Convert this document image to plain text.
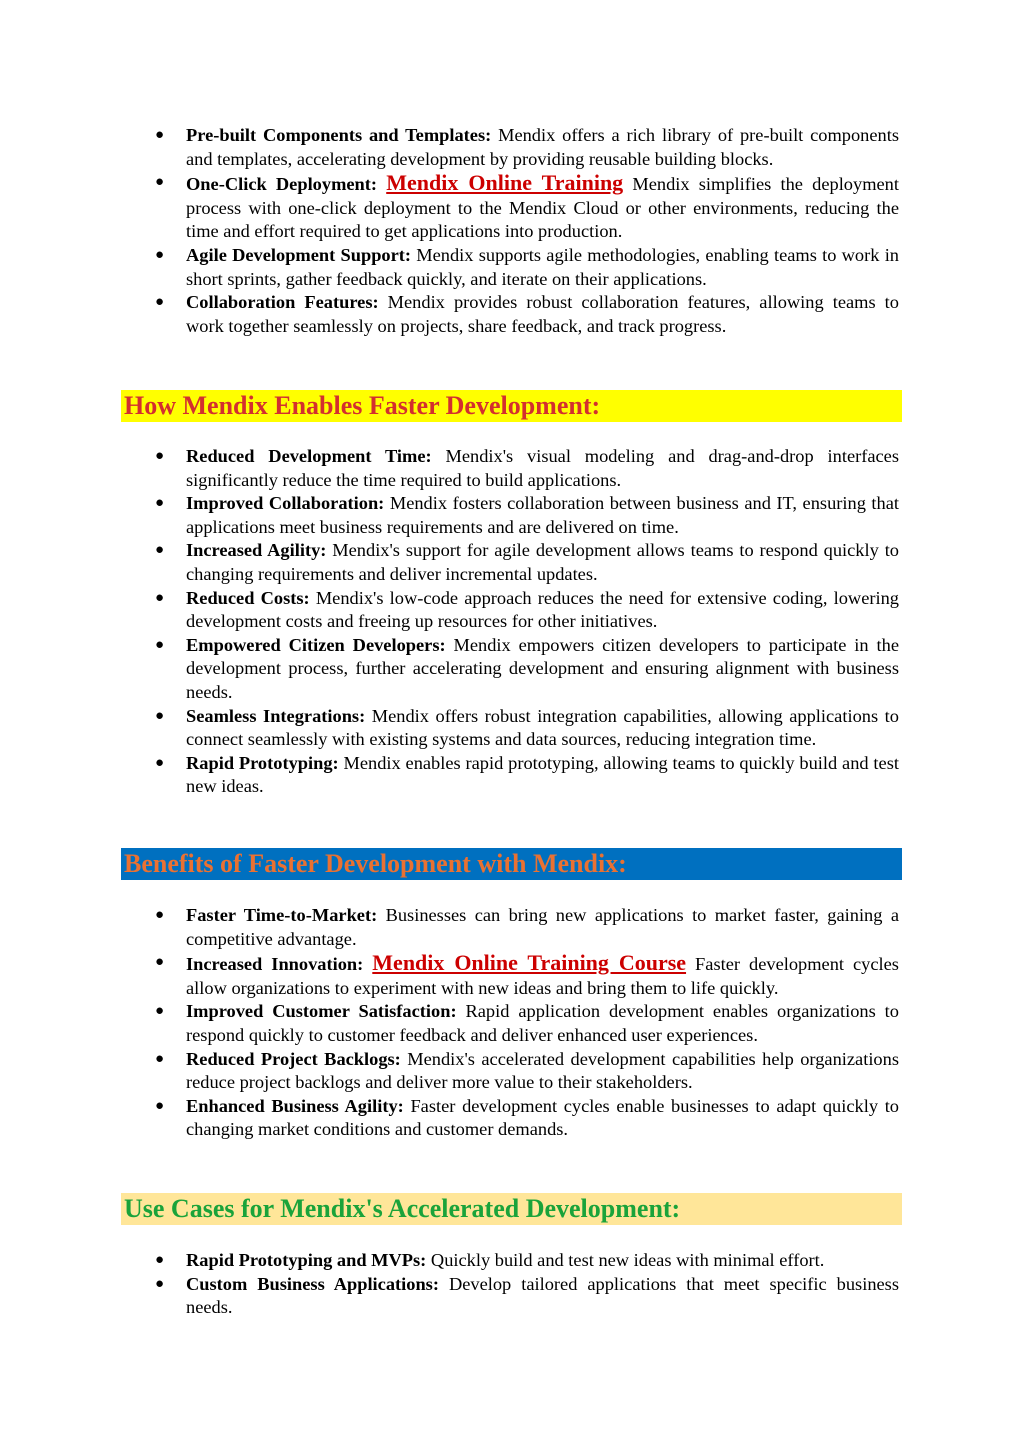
● Pre-built Components and Templates: Mendix offers a rich library of pre-built components and templates, accelerating development by providing reusable building blocks.
● One-Click Deployment: Mendix Online Training Mendix simplifies the deployment process with one-click deployment to the Mendix Cloud or other environments, reducing the time and effort required to get applications into production.
● Agile Development Support: Mendix supports agile methodologies, enabling teams to work in short sprints, gather feedback quickly, and iterate on their applications.
● Collaboration Features: Mendix provides robust collaboration features, allowing teams to work together seamlessly on projects, share feedback, and track progress.
How Mendix Enables Faster Development:
● Reduced Development Time: Mendix's visual modeling and drag-and-drop interfaces significantly reduce the time required to build applications.
● Improved Collaboration: Mendix fosters collaboration between business and IT, ensuring that applications meet business requirements and are delivered on time.
● Increased Agility: Mendix's support for agile development allows teams to respond quickly to changing requirements and deliver incremental updates.
● Reduced Costs: Mendix's low-code approach reduces the need for extensive coding, lowering development costs and freeing up resources for other initiatives.
● Empowered Citizen Developers: Mendix empowers citizen developers to participate in the development process, further accelerating development and ensuring alignment with business needs.
● Seamless Integrations: Mendix offers robust integration capabilities, allowing applications to connect seamlessly with existing systems and data sources, reducing integration time.
● Rapid Prototyping: Mendix enables rapid prototyping, allowing teams to quickly build and test new ideas.
Benefits of Faster Development with Mendix:
● Faster Time-to-Market: Businesses can bring new applications to market faster, gaining a competitive advantage.
● Increased Innovation: Mendix Online Training Course Faster development cycles allow organizations to experiment with new ideas and bring them to life quickly.
● Improved Customer Satisfaction: Rapid application development enables organizations to respond quickly to customer feedback and deliver enhanced user experiences.
● Reduced Project Backlogs: Mendix's accelerated development capabilities help organizations reduce project backlogs and deliver more value to their stakeholders.
● Enhanced Business Agility: Faster development cycles enable businesses to adapt quickly to changing market conditions and customer demands.
Use Cases for Mendix's Accelerated Development:
● Rapid Prototyping and MVPs: Quickly build and test new ideas with minimal effort.
● Custom Business Applications: Develop tailored applications that meet specific business needs.
